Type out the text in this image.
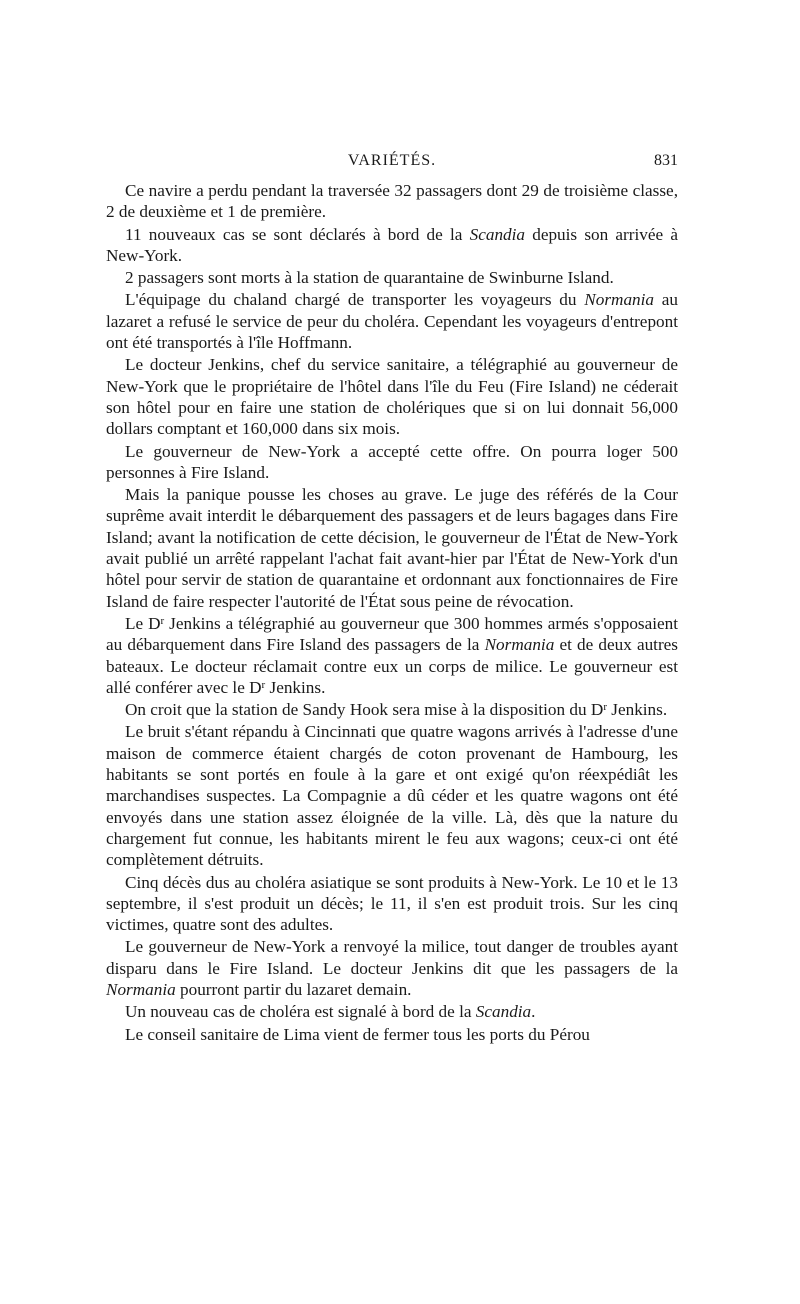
VARIÉTÉS.	831

Ce navire a perdu pendant la traversée 32 passagers dont 29 de troisième classe, 2 de deuxième et 1 de première.

11 nouveaux cas se sont déclarés à bord de la Scandia depuis son arrivée à New-York.

2 passagers sont morts à la station de quarantaine de Swinburne Island.

L'équipage du chaland chargé de transporter les voyageurs du Normania au lazaret a refusé le service de peur du choléra. Cependant les voyageurs d'entrepont ont été transportés à l'île Hoffmann.

Le docteur Jenkins, chef du service sanitaire, a télégraphié au gouverneur de New-York que le propriétaire de l'hôtel dans l'île du Feu (Fire Island) ne céderait son hôtel pour en faire une station de cholériques que si on lui donnait 56,000 dollars comptant et 160,000 dans six mois.

Le gouverneur de New-York a accepté cette offre. On pourra loger 500 personnes à Fire Island.

Mais la panique pousse les choses au grave. Le juge des référés de la Cour suprême avait interdit le débarquement des passagers et de leurs bagages dans Fire Island; avant la notification de cette décision, le gouverneur de l'État de New-York avait publié un arrêté rappelant l'achat fait avant-hier par l'État de New-York d'un hôtel pour servir de station de quarantaine et ordonnant aux fonctionnaires de Fire Island de faire respecter l'autorité de l'État sous peine de révocation.

Le $D^r$ Jenkins a télégraphié au gouverneur que 300 hommes armés s'opposaient au débarquement dans Fire Island des passagers de la Normania et de deux autres bateaux. Le docteur réclamait contre eux un corps de milice. Le gouverneur est allé conférer avec le $D^r$ Jenkins.

On croit que la station de Sandy Hook sera mise à la disposition du $D^r$ Jenkins.

Le bruit s'étant répandu à Cincinnati que quatre wagons arrivés à l'adresse d'une maison de commerce étaient chargés de coton provenant de Hambourg, les habitants se sont portés en foule à la gare et ont exigé qu'on réexpédiât les marchandises suspectes. La Compagnie a dû céder et les quatre wagons ont été envoyés dans une station assez éloignée de la ville. Là, dès que la nature du chargement fut connue, les habitants mirent le feu aux wagons; ceux-ci ont été complètement détruits.

Cinq décès dus au choléra asiatique se sont produits à New-York. Le 10 et le 13 septembre, il s'est produit un décès; le 11, il s'en est produit trois. Sur les cinq victimes, quatre sont des adultes.

Le gouverneur de New-York a renvoyé la milice, tout danger de troubles ayant disparu dans le Fire Island. Le docteur Jenkins dit que les passagers de la Normania pourront partir du lazaret demain.

Un nouveau cas de choléra est signalé à bord de la Scandia.

Le conseil sanitaire de Lima vient de fermer tous les ports du Pérou
